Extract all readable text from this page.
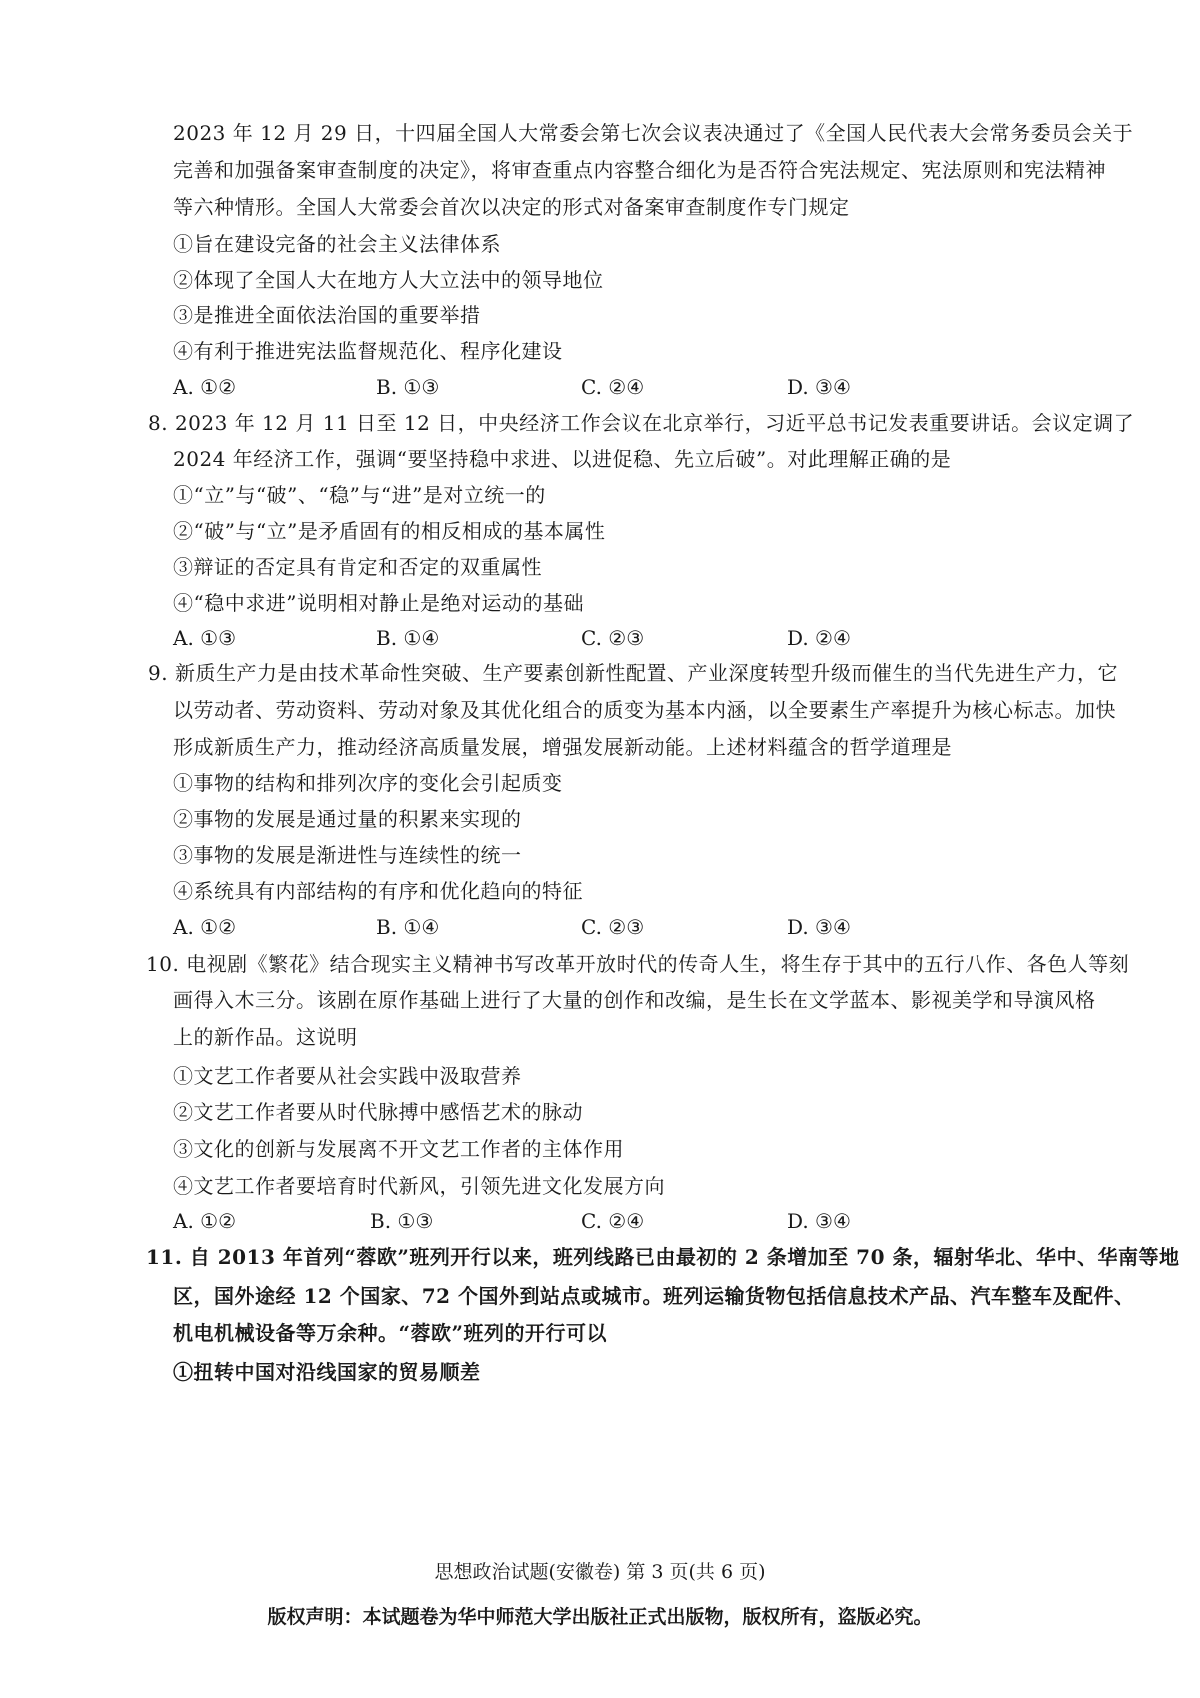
2023 年 12 月 29 日，十四届全国人大常委会第七次会议表决通过了《全国人民代表大会常务委员会关于
完善和加强备案审查制度的决定》，将审查重点内容整合细化为是否符合宪法规定、宪法原则和宪法精神
等六种情形。全国人大常委会首次以决定的形式对备案审查制度作专门规定
①旨在建设完备的社会主义法律体系
②体现了全国人大在地方人大立法中的领导地位
③是推进全面依法治国的重要举措
④有利于推进宪法监督规范化、程序化建设
A. ①②	B. ①③	C. ②④	D. ③④
8. 2023 年 12 月 11 日至 12 日，中央经济工作会议在北京举行，习近平总书记发表重要讲话。会议定调了
2024 年经济工作，强调“要坚持稳中求进、以进促稳、先立后破”。对此理解正确的是
①“立”与“破”、“稳”与“进”是对立统一的
②“破”与“立”是矛盾固有的相反相成的基本属性
③辩证的否定具有肯定和否定的双重属性
④“稳中求进”说明相对静止是绝对运动的基础
A. ①③	B. ①④	C. ②③	D. ②④
9. 新质生产力是由技术革命性突破、生产要素创新性配置、产业深度转型升级而催生的当代先进生产力，它
以劳动者、劳动资料、劳动对象及其优化组合的质变为基本内涵，以全要素生产率提升为核心标志。加快
形成新质生产力，推动经济高质量发展，增强发展新动能。上述材料蕴含的哲学道理是
①事物的结构和排列次序的变化会引起质变
②事物的发展是通过量的积累来实现的
③事物的发展是渐进性与连续性的统一
④系统具有内部结构的有序和优化趋向的特征
A. ①②	B. ①④	C. ②③	D. ③④
10. 电视剧《繁花》结合现实主义精神书写改革开放时代的传奇人生，将生存于其中的五行八作、各色人等刻
画得入木三分。该剧在原作基础上进行了大量的创作和改编，是生长在文学蓝本、影视美学和导演风格
上的新作品。这说明
①文艺工作者要从社会实践中汲取营养
②文艺工作者要从时代脉搏中感悟艺术的脉动
③文化的创新与发展离不开文艺工作者的主体作用
④文艺工作者要培育时代新风，引领先进文化发展方向
A. ①②	B. ①③	C. ②④	D. ③④
11. 自 2013 年首列“蓉欧”班列开行以来，班列线路已由最初的 2 条增加至 70 条，辐射华北、华中、华南等地
区，国外途经 12 个国家、72 个国外到站点或城市。班列运输货物包括信息技术产品、汽车整车及配件、
机电机械设备等万余种。“蓉欧”班列的开行可以
①扭转中国对沿线国家的贸易顺差
思想政治试题(安徽卷) 第 3 页(共 6 页)
版权声明：本试题卷为华中师范大学出版社正式出版物，版权所有，盗版必究。
